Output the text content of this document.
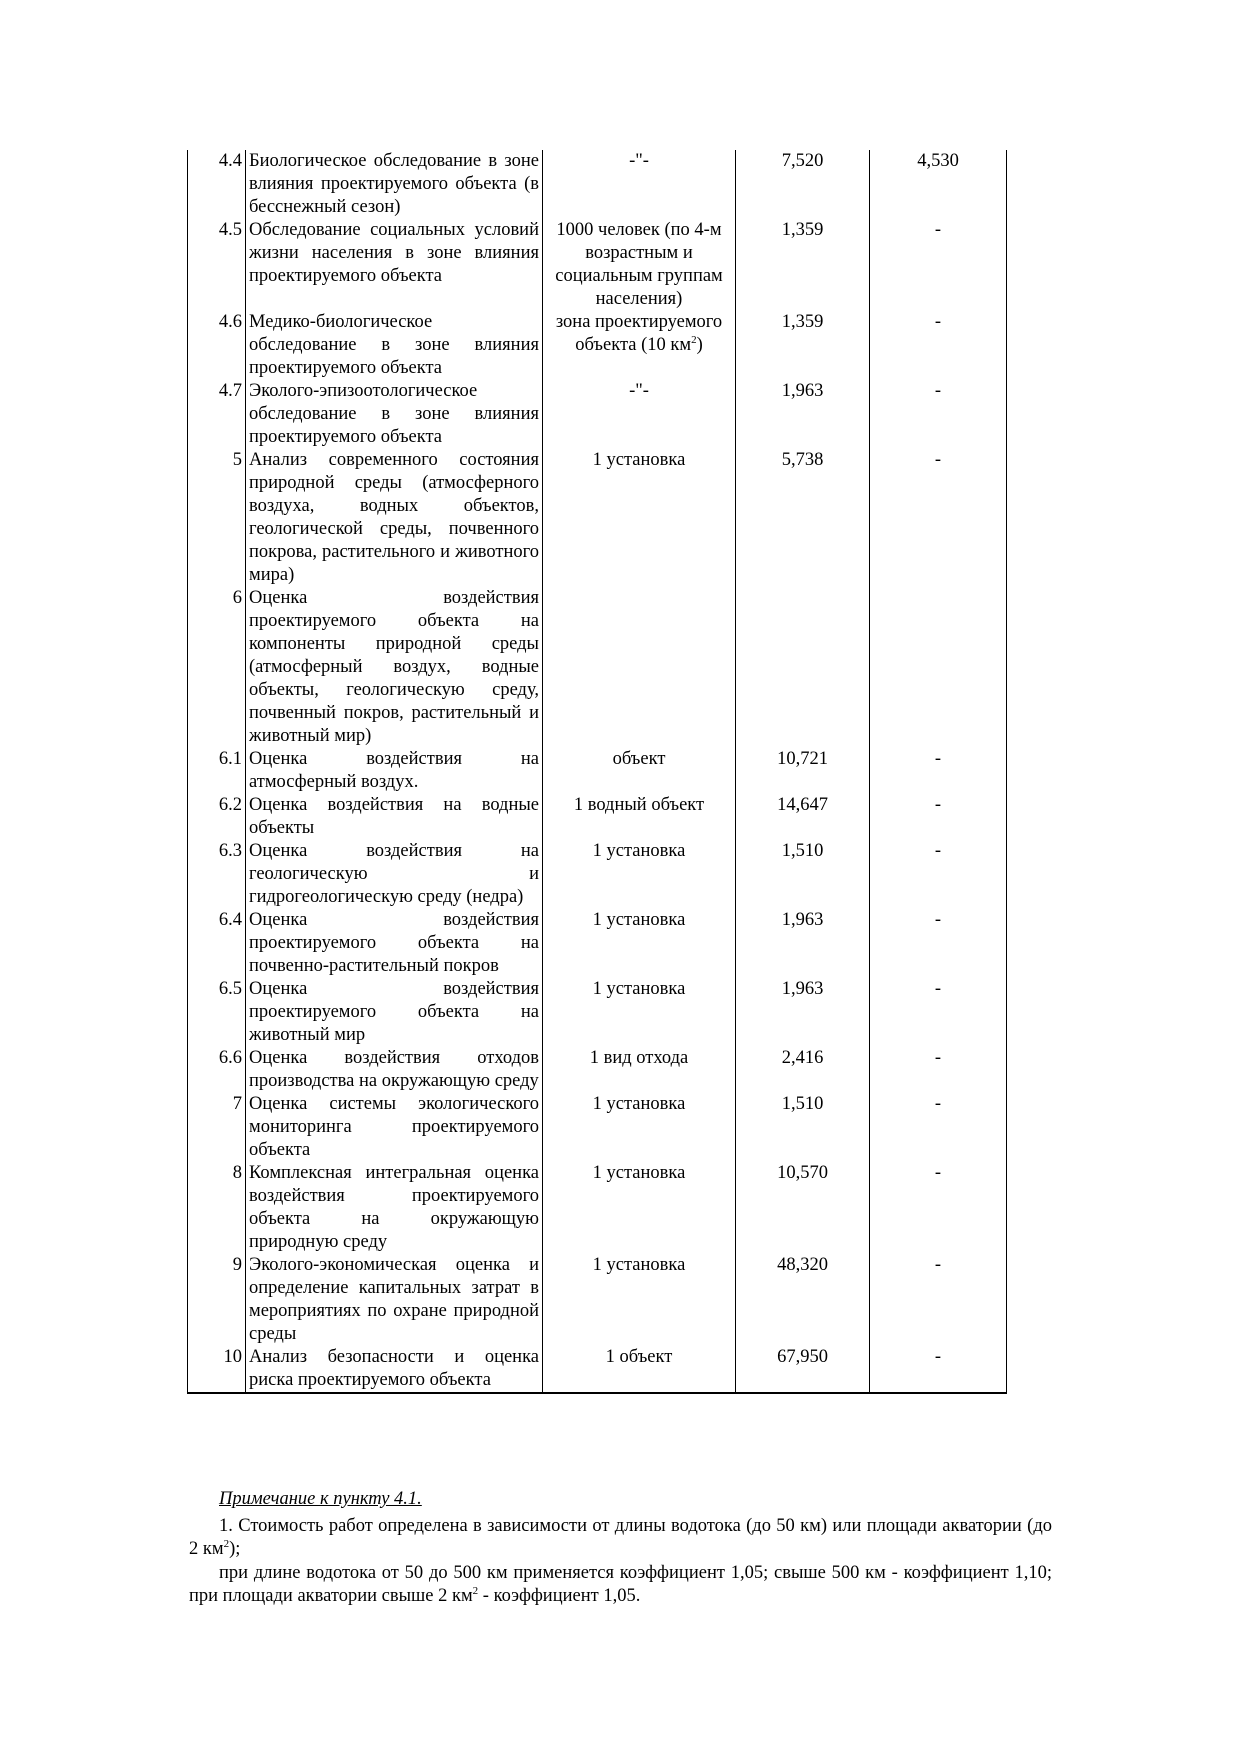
4.4	Биологическое обследование в зоне влияния проектируемого объекта (в бесснежный сезон)	-"-	7,520	4,530
4.5	Обследование социальных условий жизни населения в зоне влияния проектируемого объекта	1000 человек (по 4-м возрастным и социальным группам населения)	1,359	-
4.6	Медико-биологическое обследование в зоне влияния проектируемого объекта	зона проектируемого объекта (10 $км^2$)	1,359	-
4.7	Эколого-эпизоотологическое обследование в зоне влияния проектируемого объекта	-"-	1,963	-
5	Анализ современного состояния природной среды (атмосферного воздуха, водных объектов, геологической среды, почвенного покрова, растительного и животного мира)	1 установка	5,738	-
6	Оценка воздействия проектируемого объекта на компоненты природной среды (атмосферный воздух, водные объекты, геологическую среду, почвенный покров, растительный и животный мир)			
6.1	Оценка воздействия на атмосферный воздух.	объект	10,721	-
6.2	Оценка воздействия на водные объекты	1 водный объект	14,647	-
6.3	Оценка воздействия на геологическую и гидрогеологическую среду (недра)	1 установка	1,510	-
6.4	Оценка воздействия проектируемого объекта на почвенно-растительный покров	1 установка	1,963	-
6.5	Оценка воздействия проектируемого объекта на животный мир	1 установка	1,963	-
6.6	Оценка воздействия отходов производства на окружающую среду	1 вид отхода	2,416	-
7	Оценка системы экологического мониторинга проектируемого объекта	1 установка	1,510	-
8	Комплексная интегральная оценка воздействия проектируемого объекта на окружающую природную среду	1 установка	10,570	-
9	Эколого-экономическая оценка и определение капитальных затрат в мероприятиях по охране природной среды	1 установка	48,320	-
10	Анализ безопасности и оценка риска проектируемого объекта	1 объект	67,950	-

Примечание к пункту 4.1.

1. Стоимость работ определена в зависимости от длины водотока (до 50 км) или площади акватории (до 2 $км^2$);

при длине водотока от 50 до 500 км применяется коэффициент 1,05; свыше 500 км - коэффициент 1,10; при площади акватории свыше 2 $км^2$ - коэффициент 1,05.
